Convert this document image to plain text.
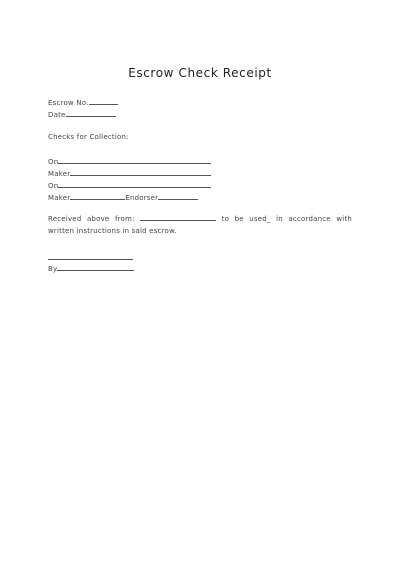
Escrow Check Receipt
Escrow No.
Date
Checks for Collection:
On
Maker
On
Maker	Endorser
Received above from:	to be used_ in accordance with
written instructions in said escrow.
By
